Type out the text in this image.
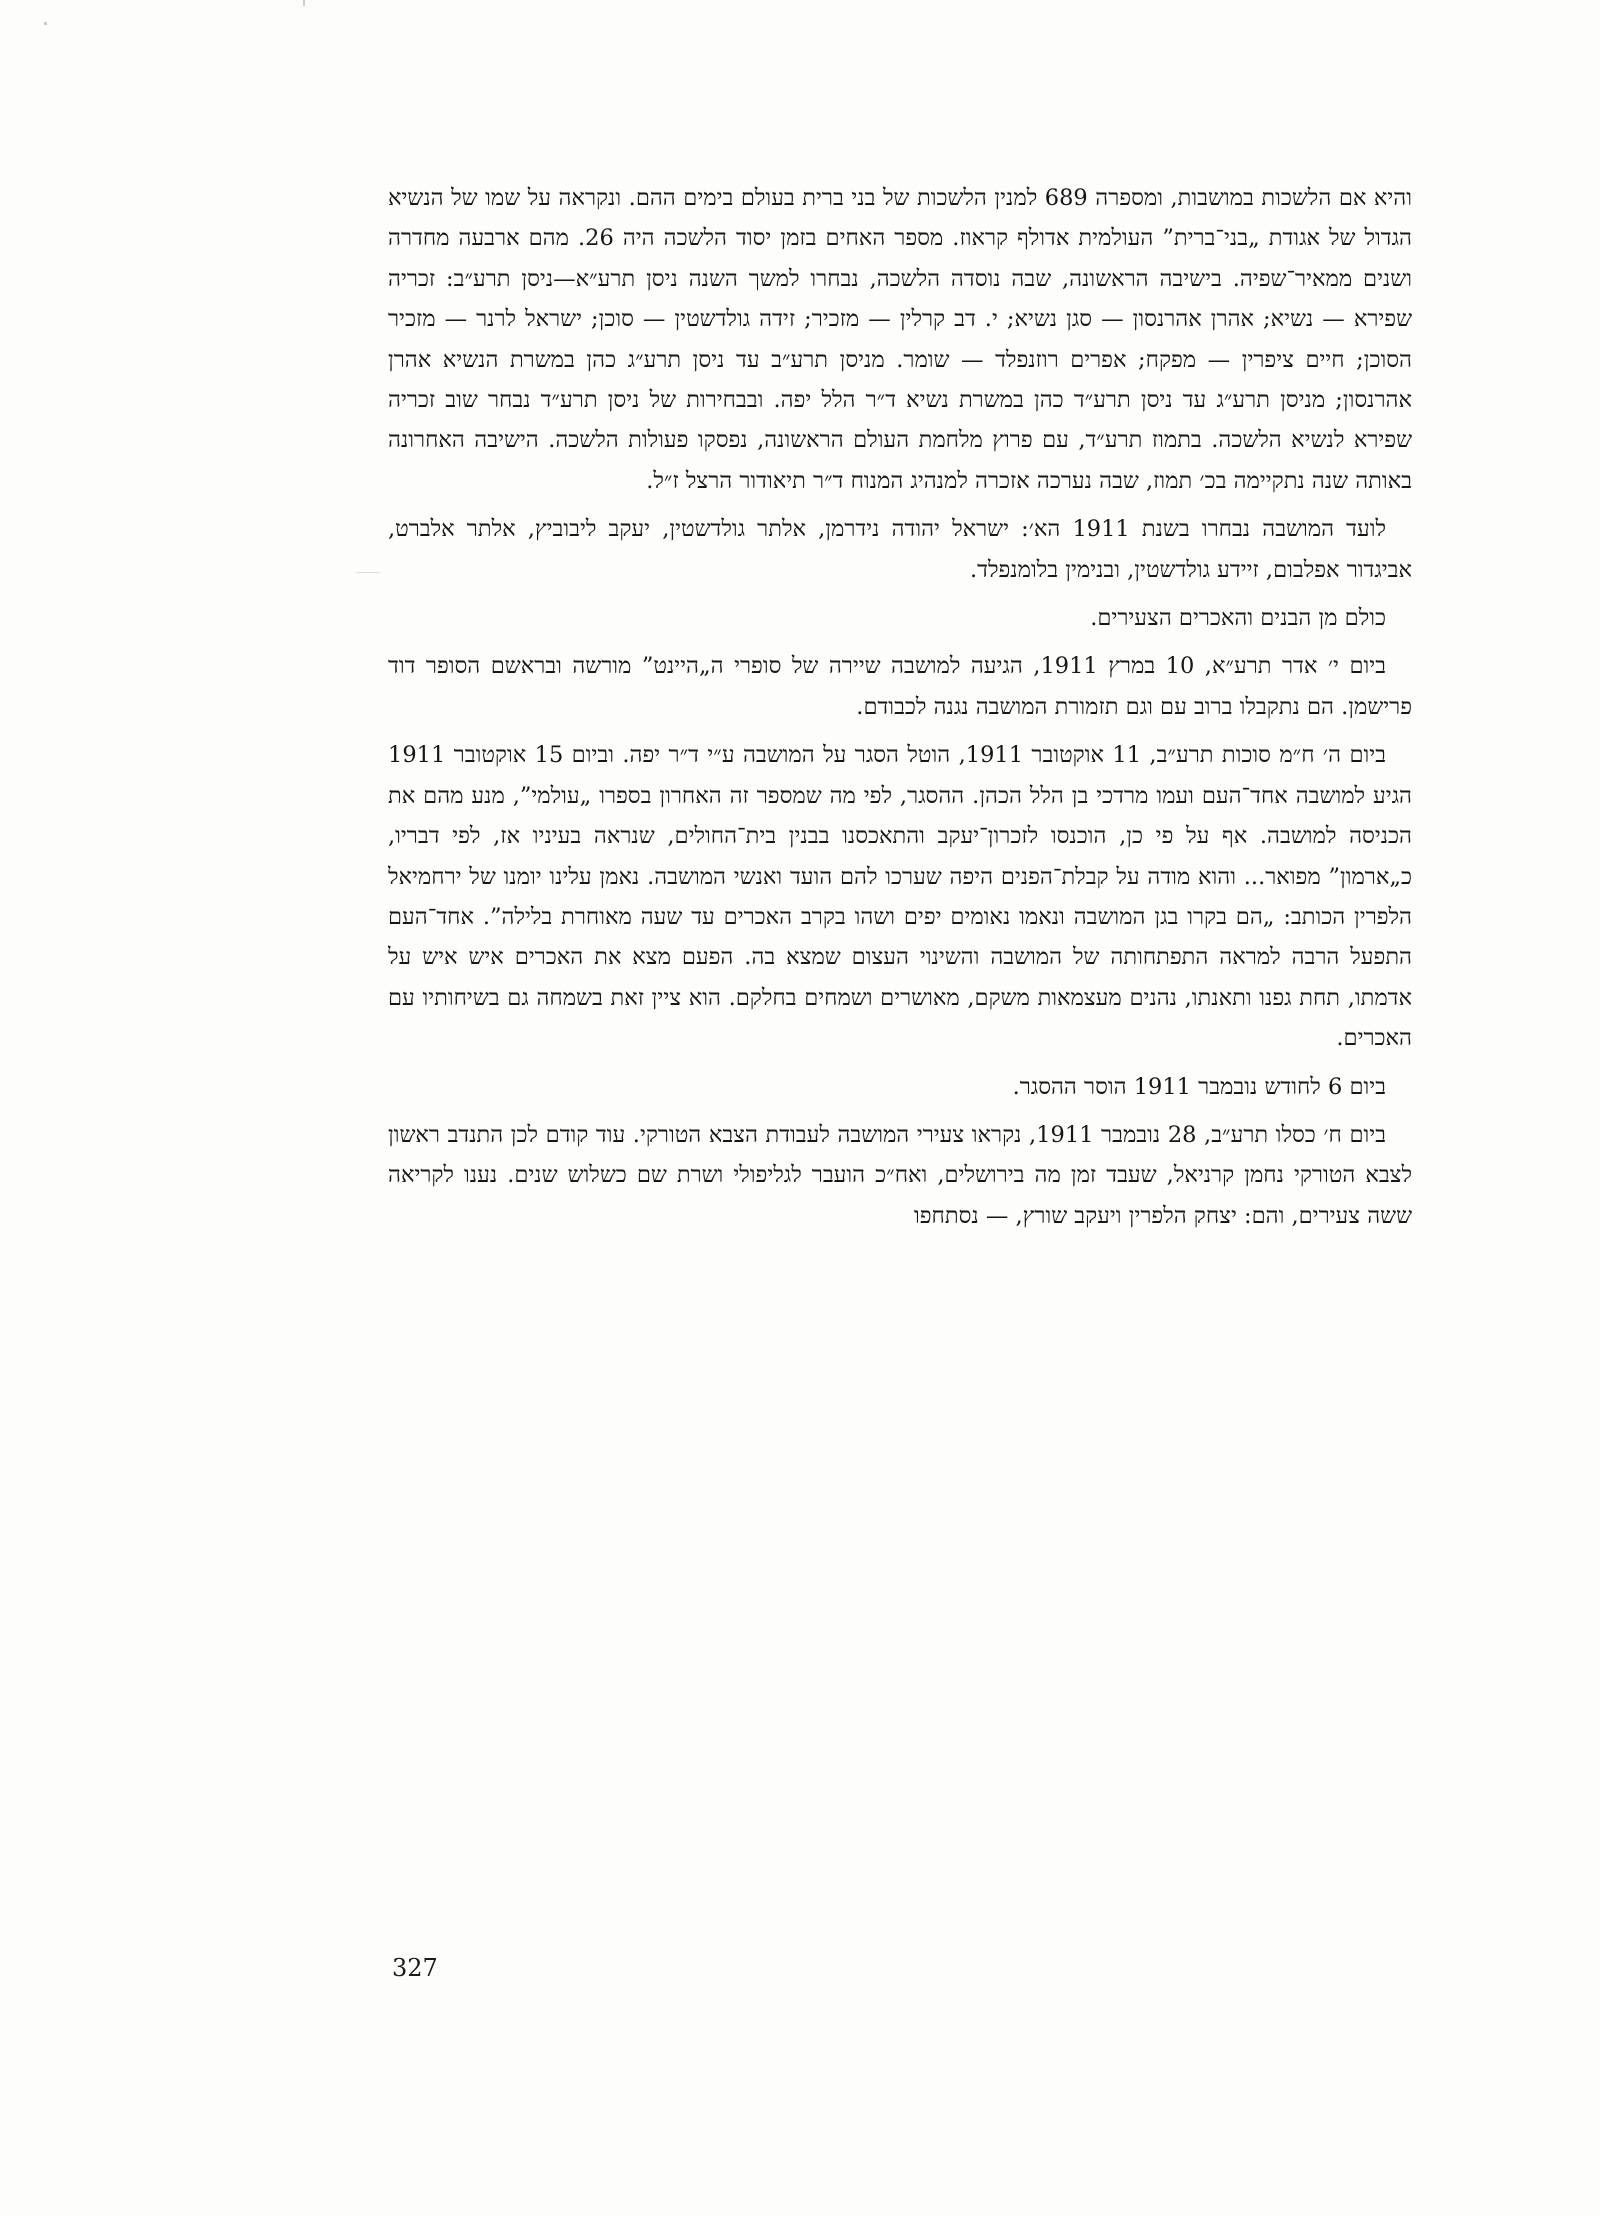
והיא אם הלשכות במושבות, ומספרה 689 למנין הלשכות של בני ברית בעולם בימים ההם. ונקראה על שמו של הנשיא הגדול של אגודת „בני־ברית” העולמית אדולף קראוז. מספר האחים בזמן יסוד הלשכה היה 26. מהם ארבעה מחדרה ושנים ממאיר־שפיה. בישיבה הראשונה, שבה נוסדה הלשכה, נבחרו למשך השנה ניסן תרע״א—ניסן תרע״ב: זכריה שפירא — נשיא; אהרן אהרנסון — סגן נשיא; י. דב קרלין — מזכיר; זידה גולדשטין — סוכן; ישראל לרנר — מזכיר הסוכן; חיים ציפרין — מפקח; אפרים רוזנפלד — שומר. מניסן תרע״ב עד ניסן תרע״ג כהן במשרת הנשיא אהרן אהרנסון; מניסן תרע״ג עד ניסן תרע״ד כהן במשרת נשיא ד״ר הלל יפה. ובבחירות של ניסן תרע״ד נבחר שוב זכריה שפירא לנשיא הלשכה. בתמוז תרע״ד, עם פרוץ מלחמת העולם הראשונה, נפסקו פעולות הלשכה. הישיבה האחרונה באותה שנה נתקיימה בכ׳ תמוז, שבה נערכה אזכרה למנהיג המנוח ד״ר תיאודור הרצל ז״ל.

לועד המושבה נבחרו בשנת 1911 הא׳: ישראל יהודה נידרמן, אלתר גולדשטין, יעקב ליבוביץ, אלתר אלברט, אביגדור אפלבום, זיידע גולדשטין, ובנימין בלומנפלד.

כולם מן הבנים והאכרים הצעירים.

ביום י׳ אדר תרע״א, 10 במרץ 1911, הגיעה למושבה שיירה של סופרי ה„היינט” מורשה ובראשם הסופר דוד פרישמן. הם נתקבלו ברוב עם וגם תזמורת המושבה נגנה לכבודם.

ביום ה׳ ח״מ סוכות תרע״ב, 11 אוקטובר 1911, הוטל הסגר על המושבה ע״י ד״ר יפה. וביום 15 אוקטובר 1911 הגיע למושבה אחד־העם ועמו מרדכי בן הלל הכהן. ההסגר, לפי מה שמספר זה האחרון בספרו „עולמי”, מנע מהם את הכניסה למושבה. אף על פי כן, הוכנסו לזכרון־יעקב והתאכסנו בבנין בית־החולים, שנראה בעיניו אז, לפי דבריו, כ„ארמון” מפואר... והוא מודה על קבלת־הפנים היפה שערכו להם הועד ואנשי המושבה. נאמן עלינו יומנו של ירחמיאל הלפרין הכותב: „הם בקרו בגן המושבה ונאמו נאומים יפים ושהו בקרב האכרים עד שעה מאוחרת בלילה”. אחד־העם התפעל הרבה למראה התפתחותה של המושבה והשינוי העצום שמצא בה. הפעם מצא את האכרים איש איש על אדמתו, תחת גפנו ותאנתו, נהנים מעצמאות משקם, מאושרים ושמחים בחלקם. הוא ציין זאת בשמחה גם בשיחותיו עם האכרים.

ביום 6 לחודש נובמבר 1911 הוסר ההסגר.

ביום ח׳ כסלו תרע״ב, 28 נובמבר 1911, נקראו צעירי המושבה לעבודת הצבא הטורקי. עוד קודם לכן התנדב ראשון לצבא הטורקי נחמן קרניאל, שעבד זמן מה בירושלים, ואח״כ הועבר לגליפולי ושרת שם כשלוש שנים. נענו לקריאה ששה צעירים, והם: יצחק הלפרין ויעקב שורץ, — נסתחפו

327
